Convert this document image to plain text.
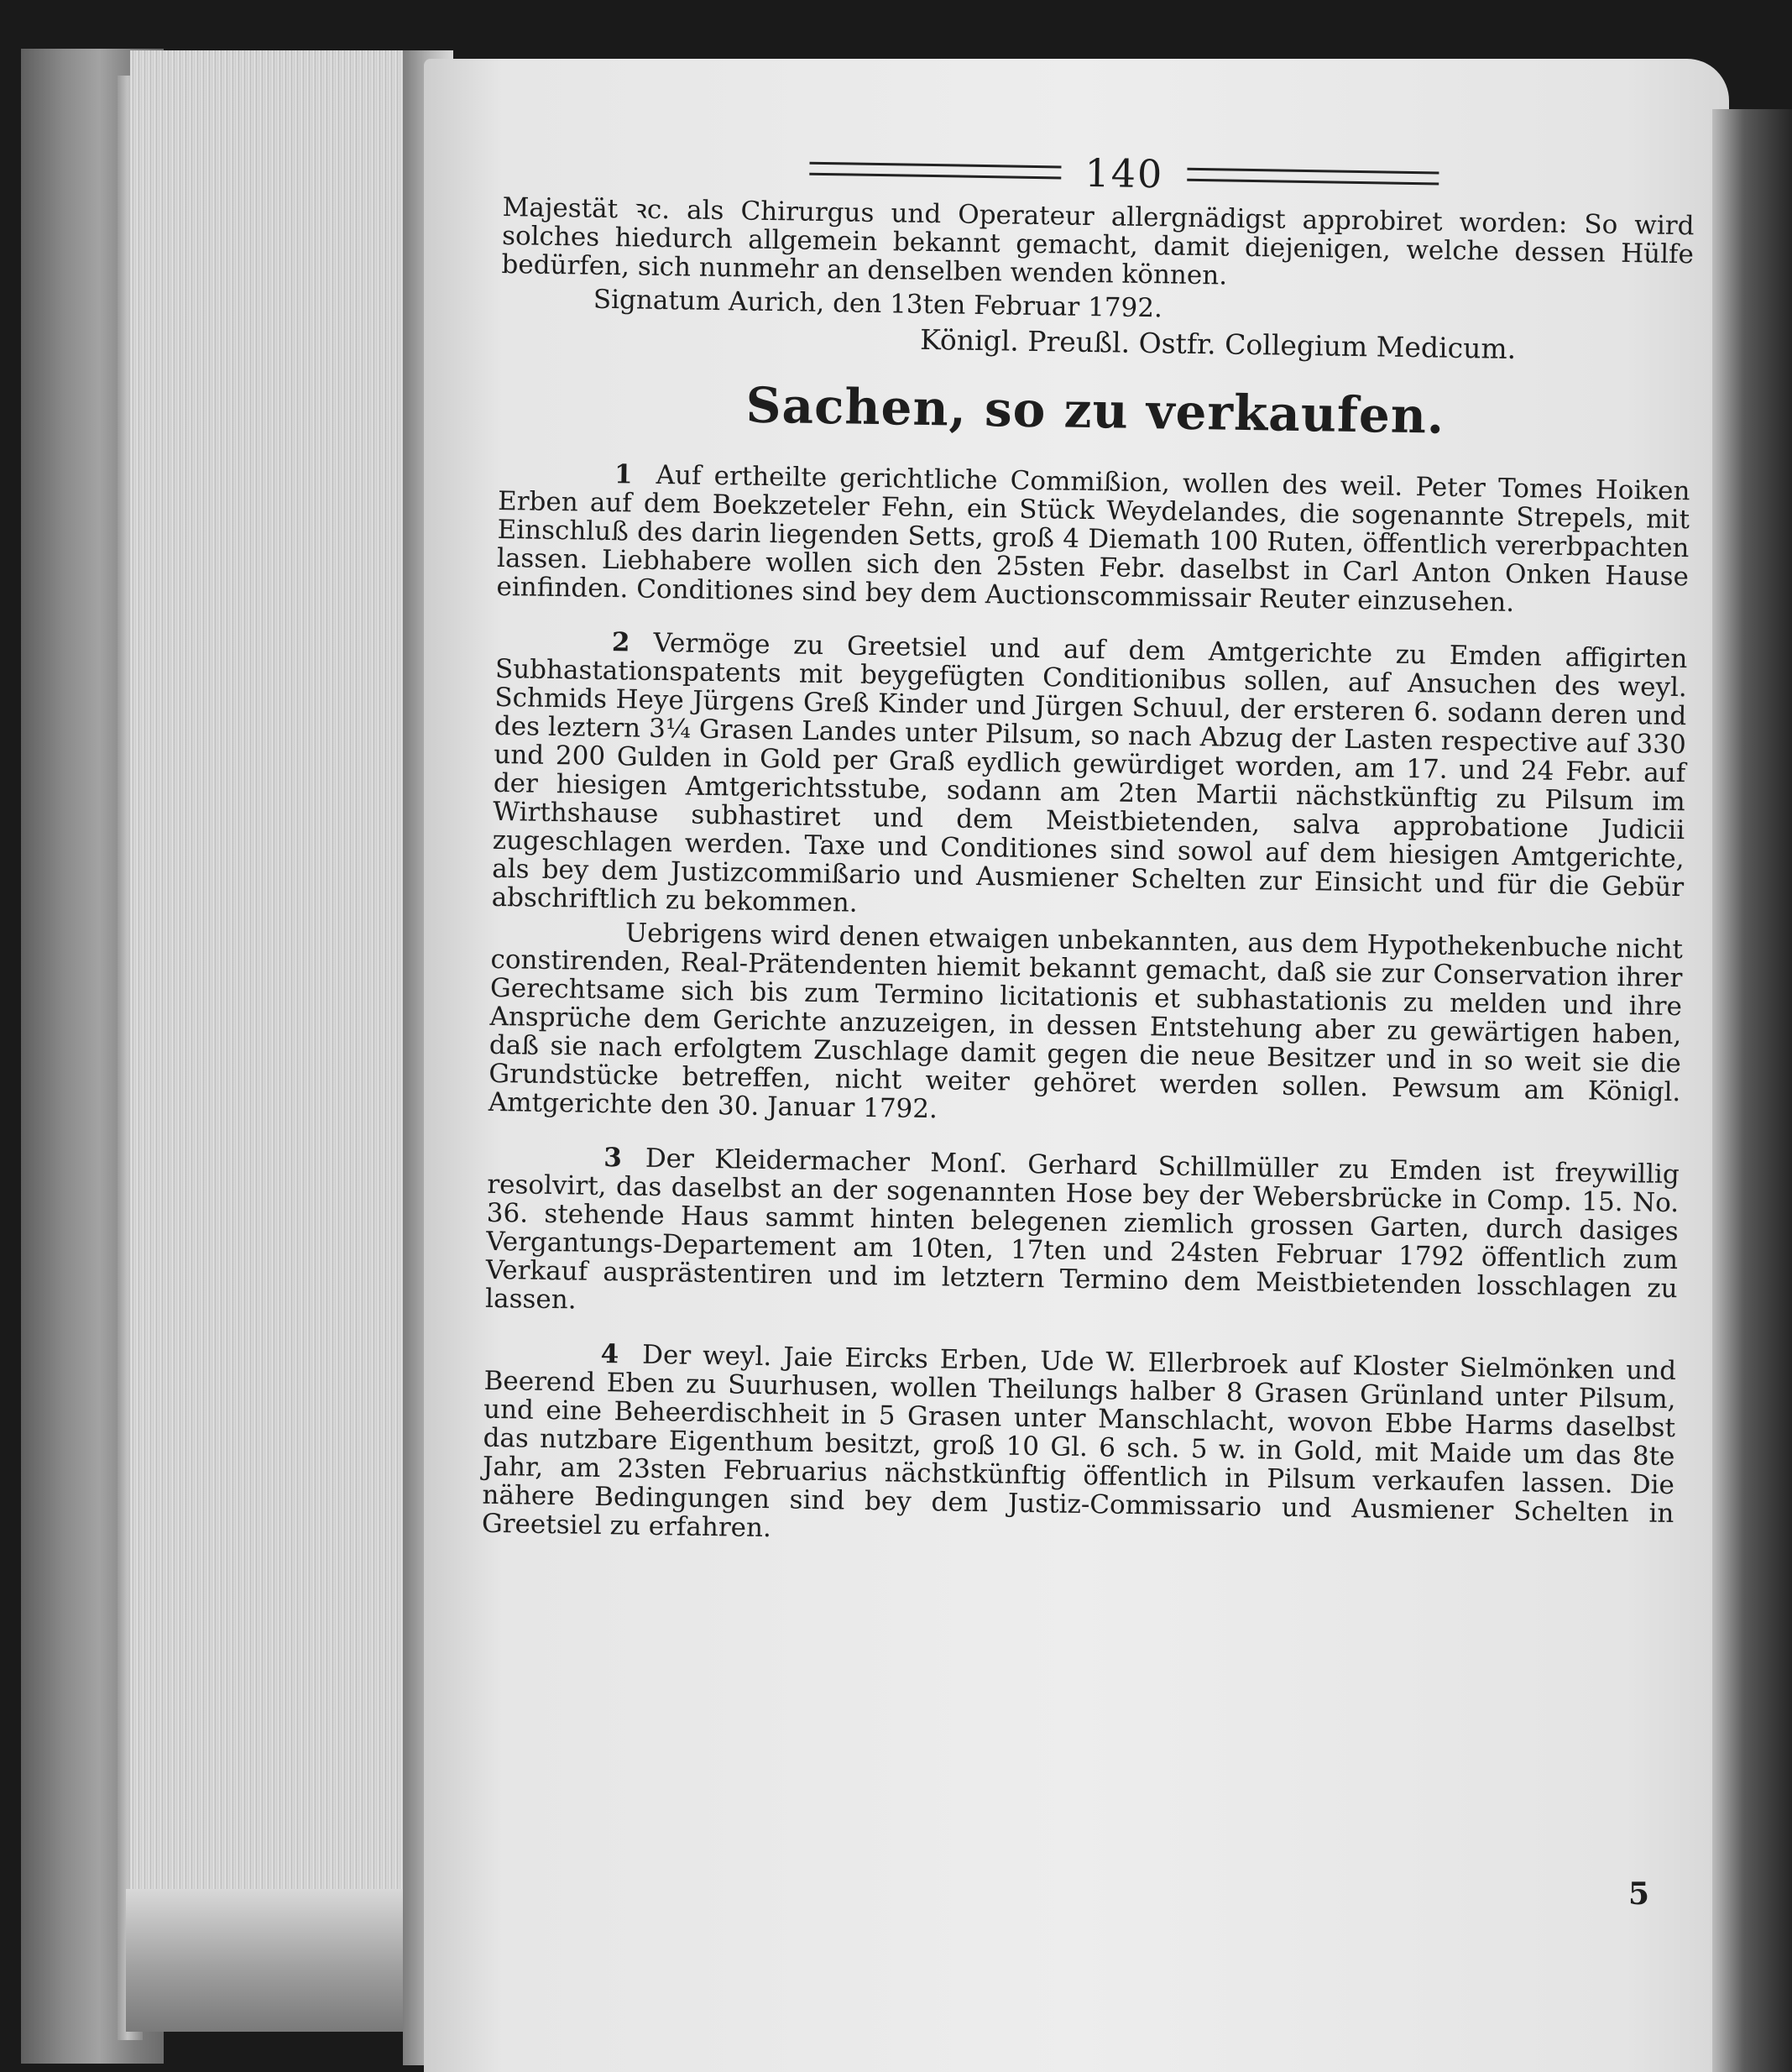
140

Majestät ꝛc. als Chirurgus und Operateur allergnädigst approbiret worden: So wird solches hiedurch allgemein bekannt gemacht, damit diejenigen, welche dessen Hülfe bedürfen, sich nunmehr an denselben wenden können.

Signatum Aurich, den 13ten Februar 1792.
Königl. Preußl. Ostfr. Collegium Medicum.
Sachen, so zu verkaufen.

1 Auf ertheilte gerichtliche Commißion, wollen des weil. Peter Tomes Hoiken Erben auf dem Boekzeteler Fehn, ein Stück Weydelandes, die sogenannte Strepels, mit Einschluß des darin liegenden Setts, groß 4 Diemath 100 Ruten, öffentlich vererbpachten lassen. Liebhabere wollen sich den 25sten Febr. daselbst in Carl Anton Onken Hause einfinden. Conditiones sind bey dem Auctionscommissair Reuter einzusehen.

2 Vermöge zu Greetsiel und auf dem Amtgerichte zu Emden affigirten Subhastationspatents mit beygefügten Conditionibus sollen, auf Ansuchen des weyl. Schmids Heye Jürgens Greß Kinder und Jürgen Schuul, der ersteren 6. sodann deren und des leztern 3¼ Grasen Landes unter Pilsum, so nach Abzug der Lasten respective auf 330 und 200 Gulden in Gold per Graß eydlich gewürdiget worden, am 17. und 24 Febr. auf der hiesigen Amtgerichtsstube, sodann am 2ten Martii nächstkünftig zu Pilsum im Wirthshause subhastiret und dem Meistbietenden, salva approbatione Judicii zugeschlagen werden. Taxe und Conditiones sind sowol auf dem hiesigen Amtgerichte, als bey dem Justizcommißario und Ausmiener Schelten zur Einsicht und für die Gebür abschriftlich zu bekommen.

Uebrigens wird denen etwaigen unbekannten, aus dem Hypothekenbuche nicht constirenden, Real-Prätendenten hiemit bekannt gemacht, daß sie zur Conservation ihrer Gerechtsame sich bis zum Termino licitationis et subhastationis zu melden und ihre Ansprüche dem Gerichte anzuzeigen, in dessen Entstehung aber zu gewärtigen haben, daß sie nach erfolgtem Zuschlage damit gegen die neue Besitzer und in so weit sie die Grundstücke betreffen, nicht weiter gehöret werden sollen. Pewsum am Königl. Amtgerichte den 30. Januar 1792.

3 Der Kleidermacher Monſ. Gerhard Schillmüller zu Emden ist freywillig resolvirt, das daselbst an der sogenannten Hose bey der Webersbrücke in Comp. 15. No. 36. stehende Haus sammt hinten belegenen ziemlich grossen Garten, durch dasiges Vergantungs-Departement am 10ten, 17ten und 24sten Februar 1792 öffentlich zum Verkauf ausprästentiren und im letztern Termino dem Meistbietenden losschlagen zu lassen.

4 Der weyl. Jaie Eircks Erben, Ude W. Ellerbroek auf Kloster Sielmönken und Beerend Eben zu Suurhusen, wollen Theilungs halber 8 Grasen Grünland unter Pilsum, und eine Beheerdischheit in 5 Grasen unter Manschlacht, wovon Ebbe Harms daselbst das nutzbare Eigenthum besitzt, groß 10 Gl. 6 sch. 5 w. in Gold, mit Maide um das 8te Jahr, am 23sten Februarius nächstkünftig öffentlich in Pilsum verkaufen lassen. Die nähere Bedingungen sind bey dem Justiz-Commissario und Ausmiener Schelten in Greetsiel zu erfahren.

5
